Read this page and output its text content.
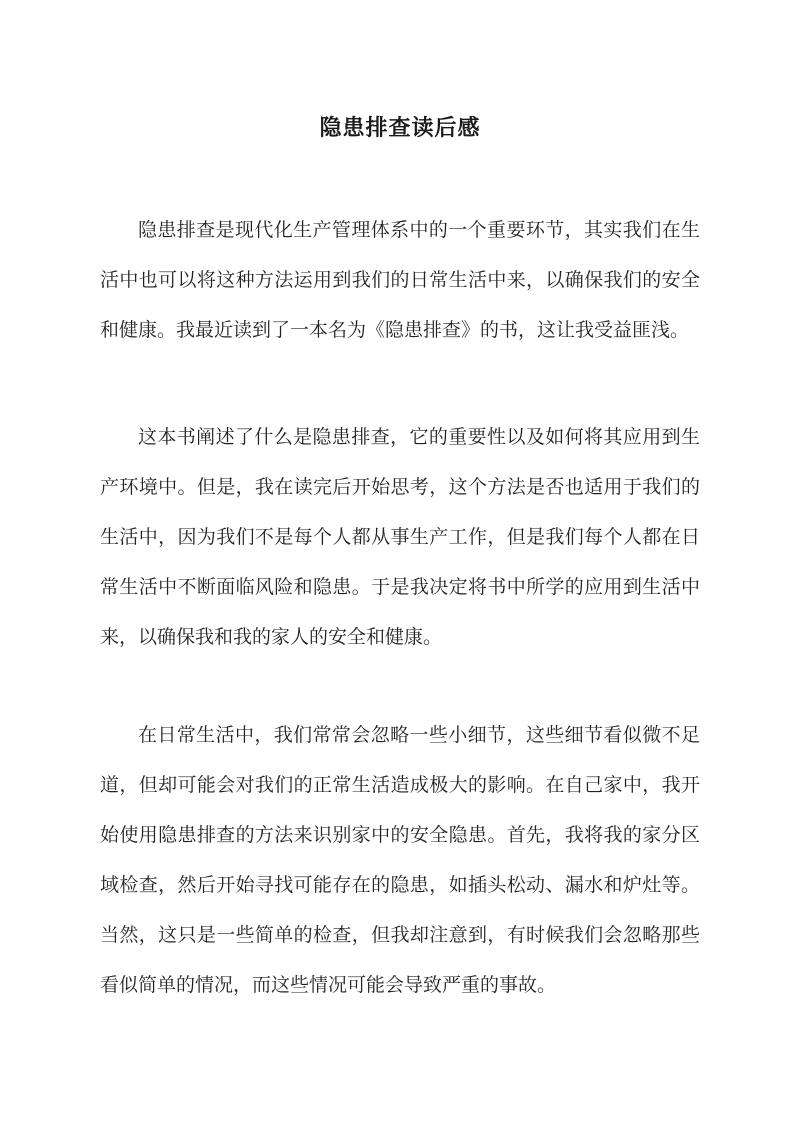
隐患排查读后感

隐患排查是现代化生产管理体系中的一个重要环节，其实我们在生活中也可以将这种方法运用到我们的日常生活中来，以确保我们的安全和健康。我最近读到了一本名为《隐患排查》的书，这让我受益匪浅。

这本书阐述了什么是隐患排查，它的重要性以及如何将其应用到生产环境中。但是，我在读完后开始思考，这个方法是否也适用于我们的生活中，因为我们不是每个人都从事生产工作，但是我们每个人都在日常生活中不断面临风险和隐患。于是我决定将书中所学的应用到生活中来，以确保我和我的家人的安全和健康。

在日常生活中，我们常常会忽略一些小细节，这些细节看似微不足道，但却可能会对我们的正常生活造成极大的影响。在自己家中，我开始使用隐患排查的方法来识别家中的安全隐患。首先，我将我的家分区域检查，然后开始寻找可能存在的隐患，如插头松动、漏水和炉灶等。当然，这只是一些简单的检查，但我却注意到，有时候我们会忽略那些看似简单的情况，而这些情况可能会导致严重的事故。
